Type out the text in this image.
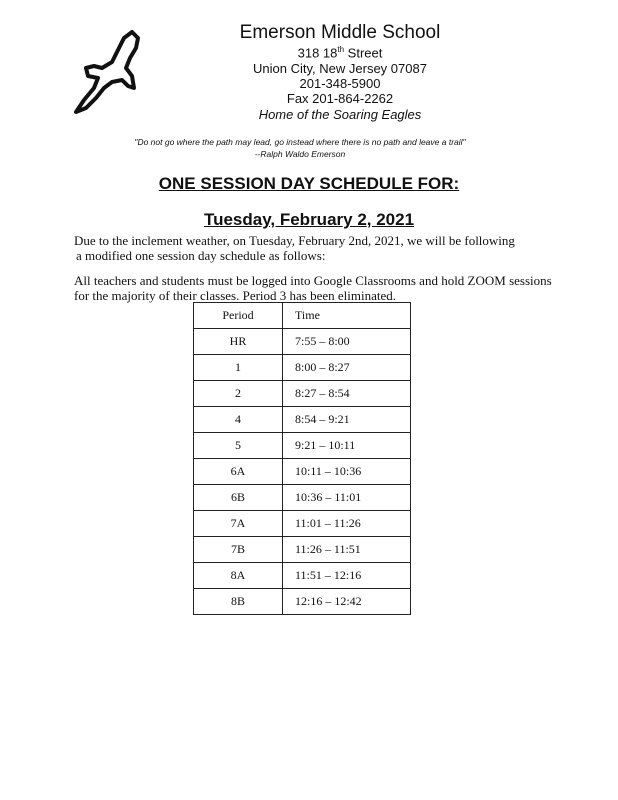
Emerson Middle School
318 18th Street
Union City, New Jersey 07087
201-348-5900
Fax 201-864-2262
Home of the Soaring Eagles
"Do not go where the path may lead, go instead where there is no path and leave a trail"
--Ralph Waldo Emerson
ONE SESSION DAY SCHEDULE FOR:
Tuesday, February 2, 2021
Due to the inclement weather, on Tuesday, February 2nd, 2021, we will be following
a modified one session day schedule as follows:
All teachers and students must be logged into Google Classrooms and hold ZOOM sessions
for the majority of their classes. Period 3 has been eliminated.
Period	Time
HR	7:55 – 8:00
1	8:00 – 8:27
2	8:27 – 8:54
4	8:54 – 9:21
5	9:21 – 10:11
6A	10:11 – 10:36
6B	10:36 – 11:01
7A	11:01 – 11:26
7B	11:26 – 11:51
8A	11:51 – 12:16
8B	12:16 – 12:42
